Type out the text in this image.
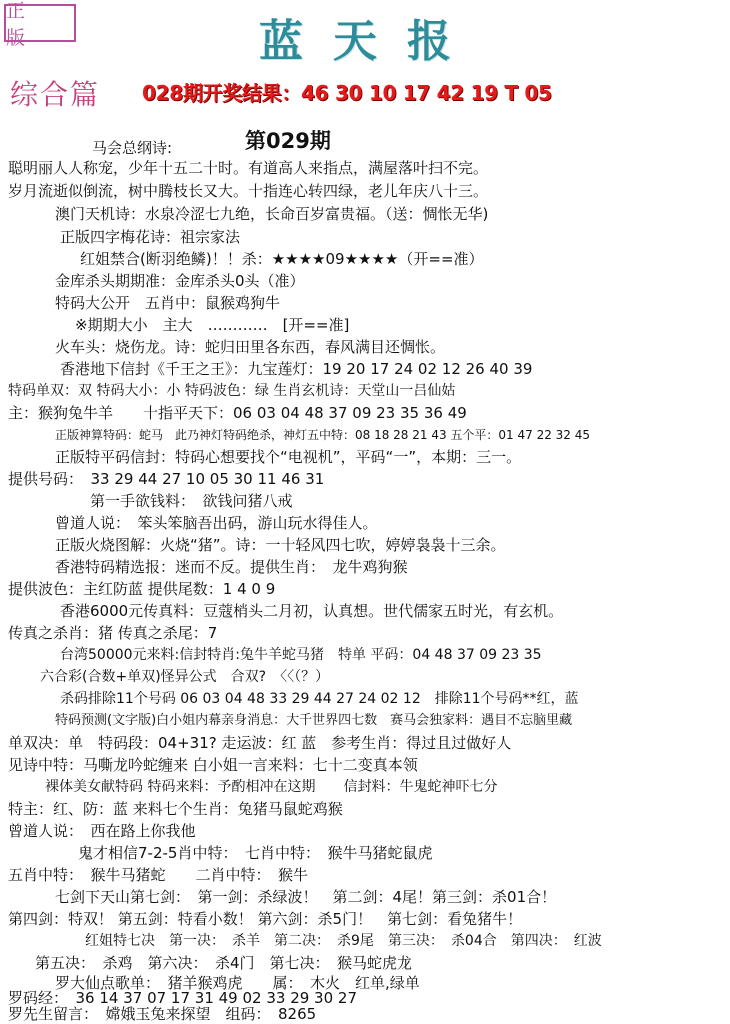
正 版	蓝天报
综合篇 028期开奖结果：46 30 10 17 42 19 T 05
第029期
马会总纲诗:
聪明丽人人称宠，少年十五二十时。有道高人来指点，满屋落叶扫不完。
岁月流逝似倒流，树中腾枝长又大。十指连心转四绿，老儿年庆八十三。
澳门天机诗：水泉冷涩七九绝，长命百岁富贵福。（送：惆怅无华)
正版四字梅花诗：祖宗家法
红姐禁合(断羽绝鳞)！！杀：★★★★09★★★★（开==准）
金库杀头期期准：金库杀头0头（准）
特码大公开　五肖中：鼠猴鸡狗牛
※期期大小　主大　…………　[开==准]
火车头：烧伤龙。诗：蛇归田里各东西，春风满目还惆怅。
香港地下信封《千王之王》：九宝莲灯：19 20 17 24 02 12 26 40 39
特码单双：双 特码大小：小 特码波色：绿 生肖玄机诗：天堂山一吕仙姑
主：猴狗兔牛羊　　十指平天下：06 03 04 48 37 09 23 35 36 49
正版神算特码：蛇马　此乃神灯特码绝杀，神灯五中特：08 18 28 21 43 五个平：01 47 22 32 45
正版特平码信封：特码心想要找个“电视机”，平码“一”，本期：三一。
提供号码：　33 29 44 27 10 05 30 11 46 31
第一手欲钱料：　欲钱问猪八戒
曾道人说：　笨头笨脑吾出码，游山玩水得佳人。
正版火烧图解：火烧“猪”。诗：一十轻风四七吹，婷婷袅袅十三余。
香港特码精选报：迷而不反。提供生肖：　龙牛鸡狗猴
提供波色：主红防蓝 提供尾数：1 4 0 9
香港6000元传真料：豆蔻梢头二月初，认真想。世代儒家五时光，有玄机。
传真之杀肖：猪 传真之杀尾：7
台湾50000元来料:信封特肖:兔牛羊蛇马猪　特单 平码：04 48 37 09 23 35
六合彩(合数+单双)怪异公式　合双?　〈〈（？）
杀码排除11个号码 06 03 04 48 33 29 44 27 24 02 12　排除11个号码**红，蓝
特码预测(文字版)白小姐内幕亲身消息：大千世界四七数　赛马会独家料：遇目不忘脑里藏
单双决：单　特码段：04+31? 走运波：红 蓝　参考生肖：得过且过做好人
见诗中特：马嘶龙吟蛇缠来 白小姐一言来料：七十二变真本领
裸体美女献特码 特码来料：予酌相冲在这期　　信封料：牛鬼蛇神吓七分
特主：红、防：蓝 来料七个生肖：兔猪马鼠蛇鸡猴
曾道人说：　西在路上你我他
鬼才相信7-2-5肖中特：　七肖中特：　猴牛马猪蛇鼠虎
五肖中特：　猴牛马猪蛇　　二肖中特：　猴牛
七剑下天山第七剑：　第一剑：杀绿波！　第二剑：4尾！第三剑：杀01合！
第四剑：特双！ 第五剑：特看小数！ 第六剑：杀5门！　第七剑：看兔猪牛！
红姐特七决　第一决：　杀羊　第二决：　杀9尾　第三决：　杀04合　第四决：　红波
第五决：　杀鸡　第六决：　杀4门　第七决：　猴马蛇虎龙
罗大仙点歌单：　猪羊猴鸡虎　　属：　木火　红单,绿单
罗码经：　36 14 37 07 17 31 49 02 33 29 30 27
罗先生留言：　嫦娥玉兔来探望　组码：　8265
